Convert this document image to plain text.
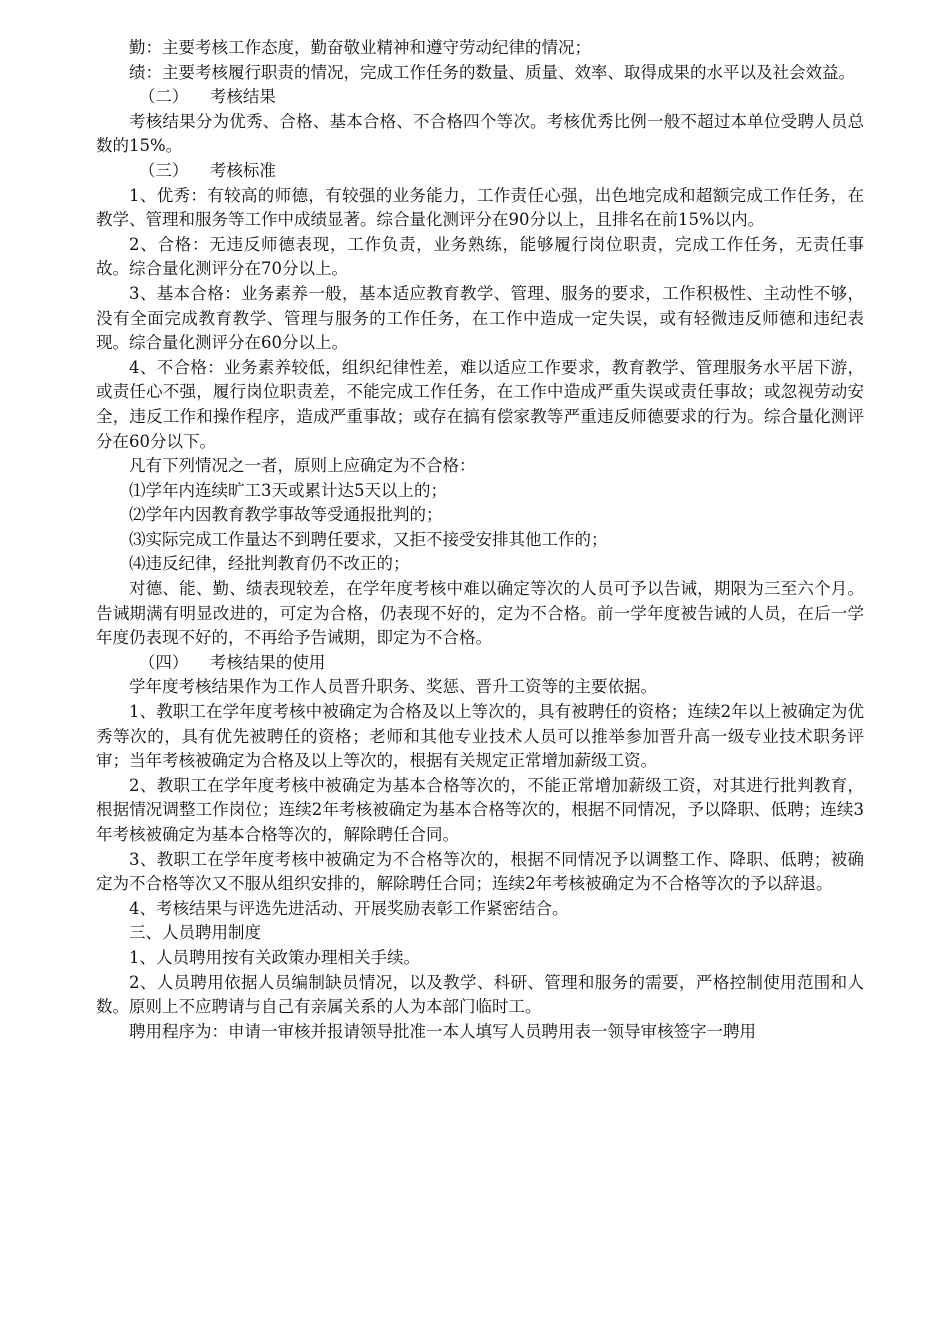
勤：主要考核工作态度，勤奋敬业精神和遵守劳动纪律的情况；

绩：主要考核履行职责的情况，完成工作任务的数量、质量、效率、取得成果的水平以及社会效益。

（二） 考核结果

考核结果分为优秀、合格、基本合格、不合格四个等次。考核优秀比例一般不超过本单位受聘人员总数的15%。

（三） 考核标准

1、优秀：有较高的师德，有较强的业务能力，工作责任心强，出色地完成和超额完成工作任务，在教学、管理和服务等工作中成绩显著。综合量化测评分在90分以上，且排名在前15%以内。

2、合格：无违反师德表现，工作负责，业务熟练，能够履行岗位职责，完成工作任务，无责任事故。综合量化测评分在70分以上。

3、基本合格：业务素养一般，基本适应教育教学、管理、服务的要求，工作积极性、主动性不够，没有全面完成教育教学、管理与服务的工作任务，在工作中造成一定失误，或有轻微违反师德和违纪表现。综合量化测评分在60分以上。

4、不合格：业务素养较低，组织纪律性差，难以适应工作要求，教育教学、管理服务水平居下游，或责任心不强，履行岗位职责差，不能完成工作任务，在工作中造成严重失误或责任事故；或忽视劳动安全，违反工作和操作程序，造成严重事故；或存在搞有偿家教等严重违反师德要求的行为。综合量化测评分在60分以下。

凡有下列情况之一者，原则上应确定为不合格：

⑴学年内连续旷工3天或累计达5天以上的；

⑵学年内因教育教学事故等受通报批判的；

⑶实际完成工作量达不到聘任要求，又拒不接受安排其他工作的；

⑷违反纪律，经批判教育仍不改正的；

对德、能、勤、绩表现较差，在学年度考核中难以确定等次的人员可予以告诫，期限为三至六个月。告诫期满有明显改进的，可定为合格，仍表现不好的，定为不合格。前一学年度被告诫的人员，在后一学年度仍表现不好的，不再给予告诫期，即定为不合格。

（四） 考核结果的使用

学年度考核结果作为工作人员晋升职务、奖惩、晋升工资等的主要依据。

1、教职工在学年度考核中被确定为合格及以上等次的，具有被聘任的资格；连续2年以上被确定为优秀等次的，具有优先被聘任的资格；老师和其他专业技术人员可以推举参加晋升高一级专业技术职务评审；当年考核被确定为合格及以上等次的，根据有关规定正常增加薪级工资。

2、教职工在学年度考核中被确定为基本合格等次的，不能正常增加薪级工资，对其进行批判教育，根据情况调整工作岗位；连续2年考核被确定为基本合格等次的，根据不同情况，予以降职、低聘；连续3年考核被确定为基本合格等次的，解除聘任合同。

3、教职工在学年度考核中被确定为不合格等次的，根据不同情况予以调整工作、降职、低聘；被确定为不合格等次又不服从组织安排的，解除聘任合同；连续2年考核被确定为不合格等次的予以辞退。

4、考核结果与评选先进活动、开展奖励表彰工作紧密结合。

三、人员聘用制度

1、人员聘用按有关政策办理相关手续。

2、人员聘用依据人员编制缺员情况，以及教学、科研、管理和服务的需要，严格控制使用范围和人数。原则上不应聘请与自己有亲属关系的人为本部门临时工。

聘用程序为：申请一审核并报请领导批准一本人填写人员聘用表一领导审核签字一聘用
